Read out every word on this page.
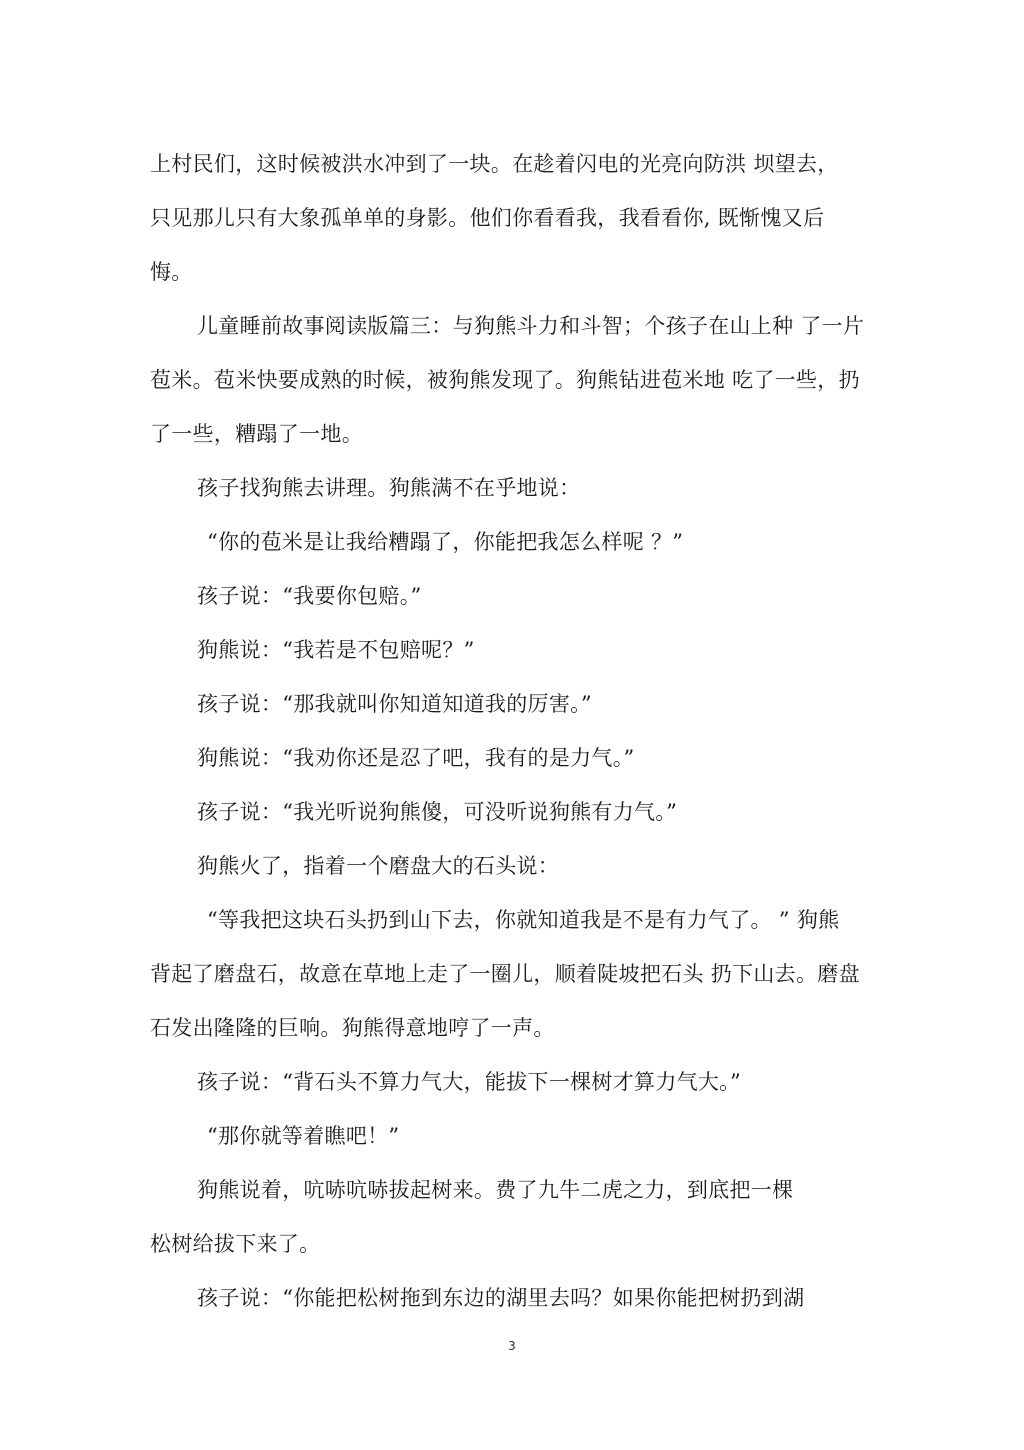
上村民们，这时候被洪水冲到了一块。在趁着闪电的光亮向防洪 坝望去，
只见那儿只有大象孤单单的身影。他们你看看我，我看看你, 既惭愧又后
悔。
儿童睡前故事阅读版篇三：与狗熊斗力和斗智；个孩子在山上种 了一片
苞米。苞米快要成熟的时候，被狗熊发现了。狗熊钻进苞米地 吃了一些，扔
了一些，糟蹋了一地。
孩子找狗熊去讲理。狗熊满不在乎地说：
“你的苞米是让我给糟蹋了，你能把我怎么样呢 ？”
孩子说：“我要你包赔。”
狗熊说：“我若是不包赔呢？”
孩子说：“那我就叫你知道知道我的厉害。”
狗熊说：“我劝你还是忍了吧，我有的是力气。”
孩子说：“我光听说狗熊傻，可没听说狗熊有力气。”
狗熊火了，指着一个磨盘大的石头说：
“等我把这块石头扔到山下去，你就知道我是不是有力气了。 ” 狗熊
背起了磨盘石，故意在草地上走了一圈儿，顺着陡坡把石头 扔下山去。磨盘
石发出隆隆的巨响。狗熊得意地哼了一声。
孩子说：“背石头不算力气大，能拔下一棵树才算力气大。”
“那你就等着瞧吧！”
狗熊说着，吭哧吭哧拔起树来。费了九牛二虎之力，到底把一棵
松树给拔下来了。
孩子说：“你能把松树拖到东边的湖里去吗？如果你能把树扔到湖
3
